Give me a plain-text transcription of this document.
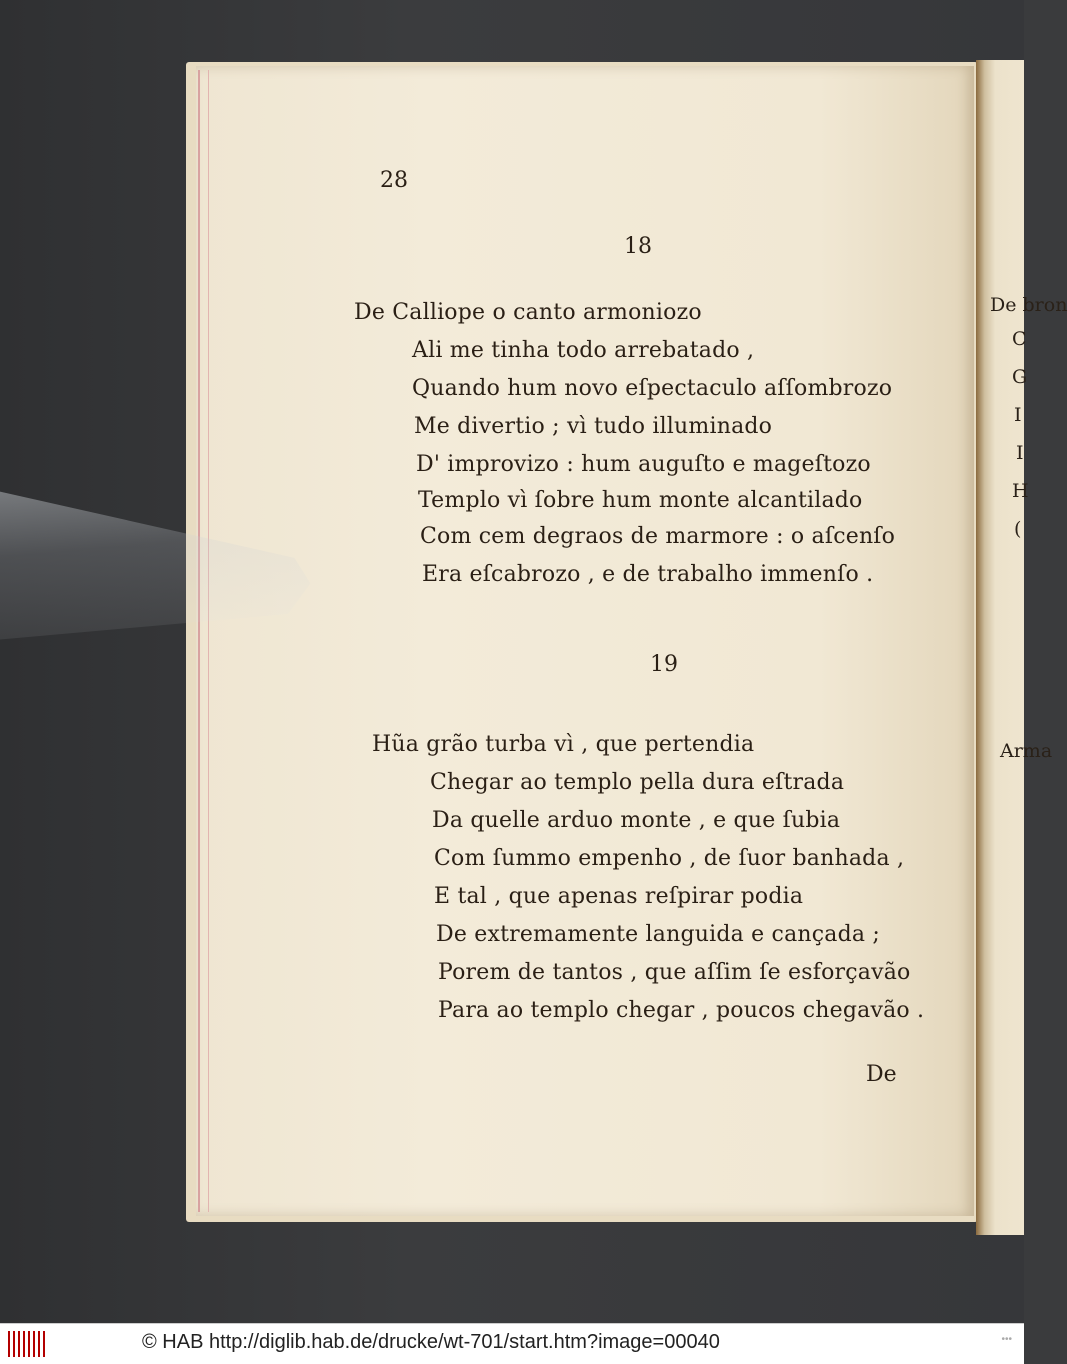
De bron
C
G
I
I
H
(
Arma
28
18
De Calliope o canto armoniozo
Ali me tinha todo arrebatado ,
Quando hum novo eſpectaculo aſſombrozo
Me divertio ; vì tudo illuminado
D' improvizo : hum auguſto e mageſtozo
Templo vì ſobre hum monte alcantilado
Com cem degraos de marmore : o aſcenſo
Era eſcabrozo , e de trabalho immenſo .
19
Hũa grão turba vì , que pertendia
Chegar ao templo pella dura eſtrada
Da quelle arduo monte , e que ſubia
Com ſummo empenho , de ſuor banhada ,
E tal , que apenas reſpirar podia
De extremamente languida e cançada ;
Porem de tantos , que aſſim ſe esforçavão
Para ao templo chegar , poucos chegavão .
De
© HAB http://diglib.hab.de/drucke/wt-701/start.htm?image=00040	•••
